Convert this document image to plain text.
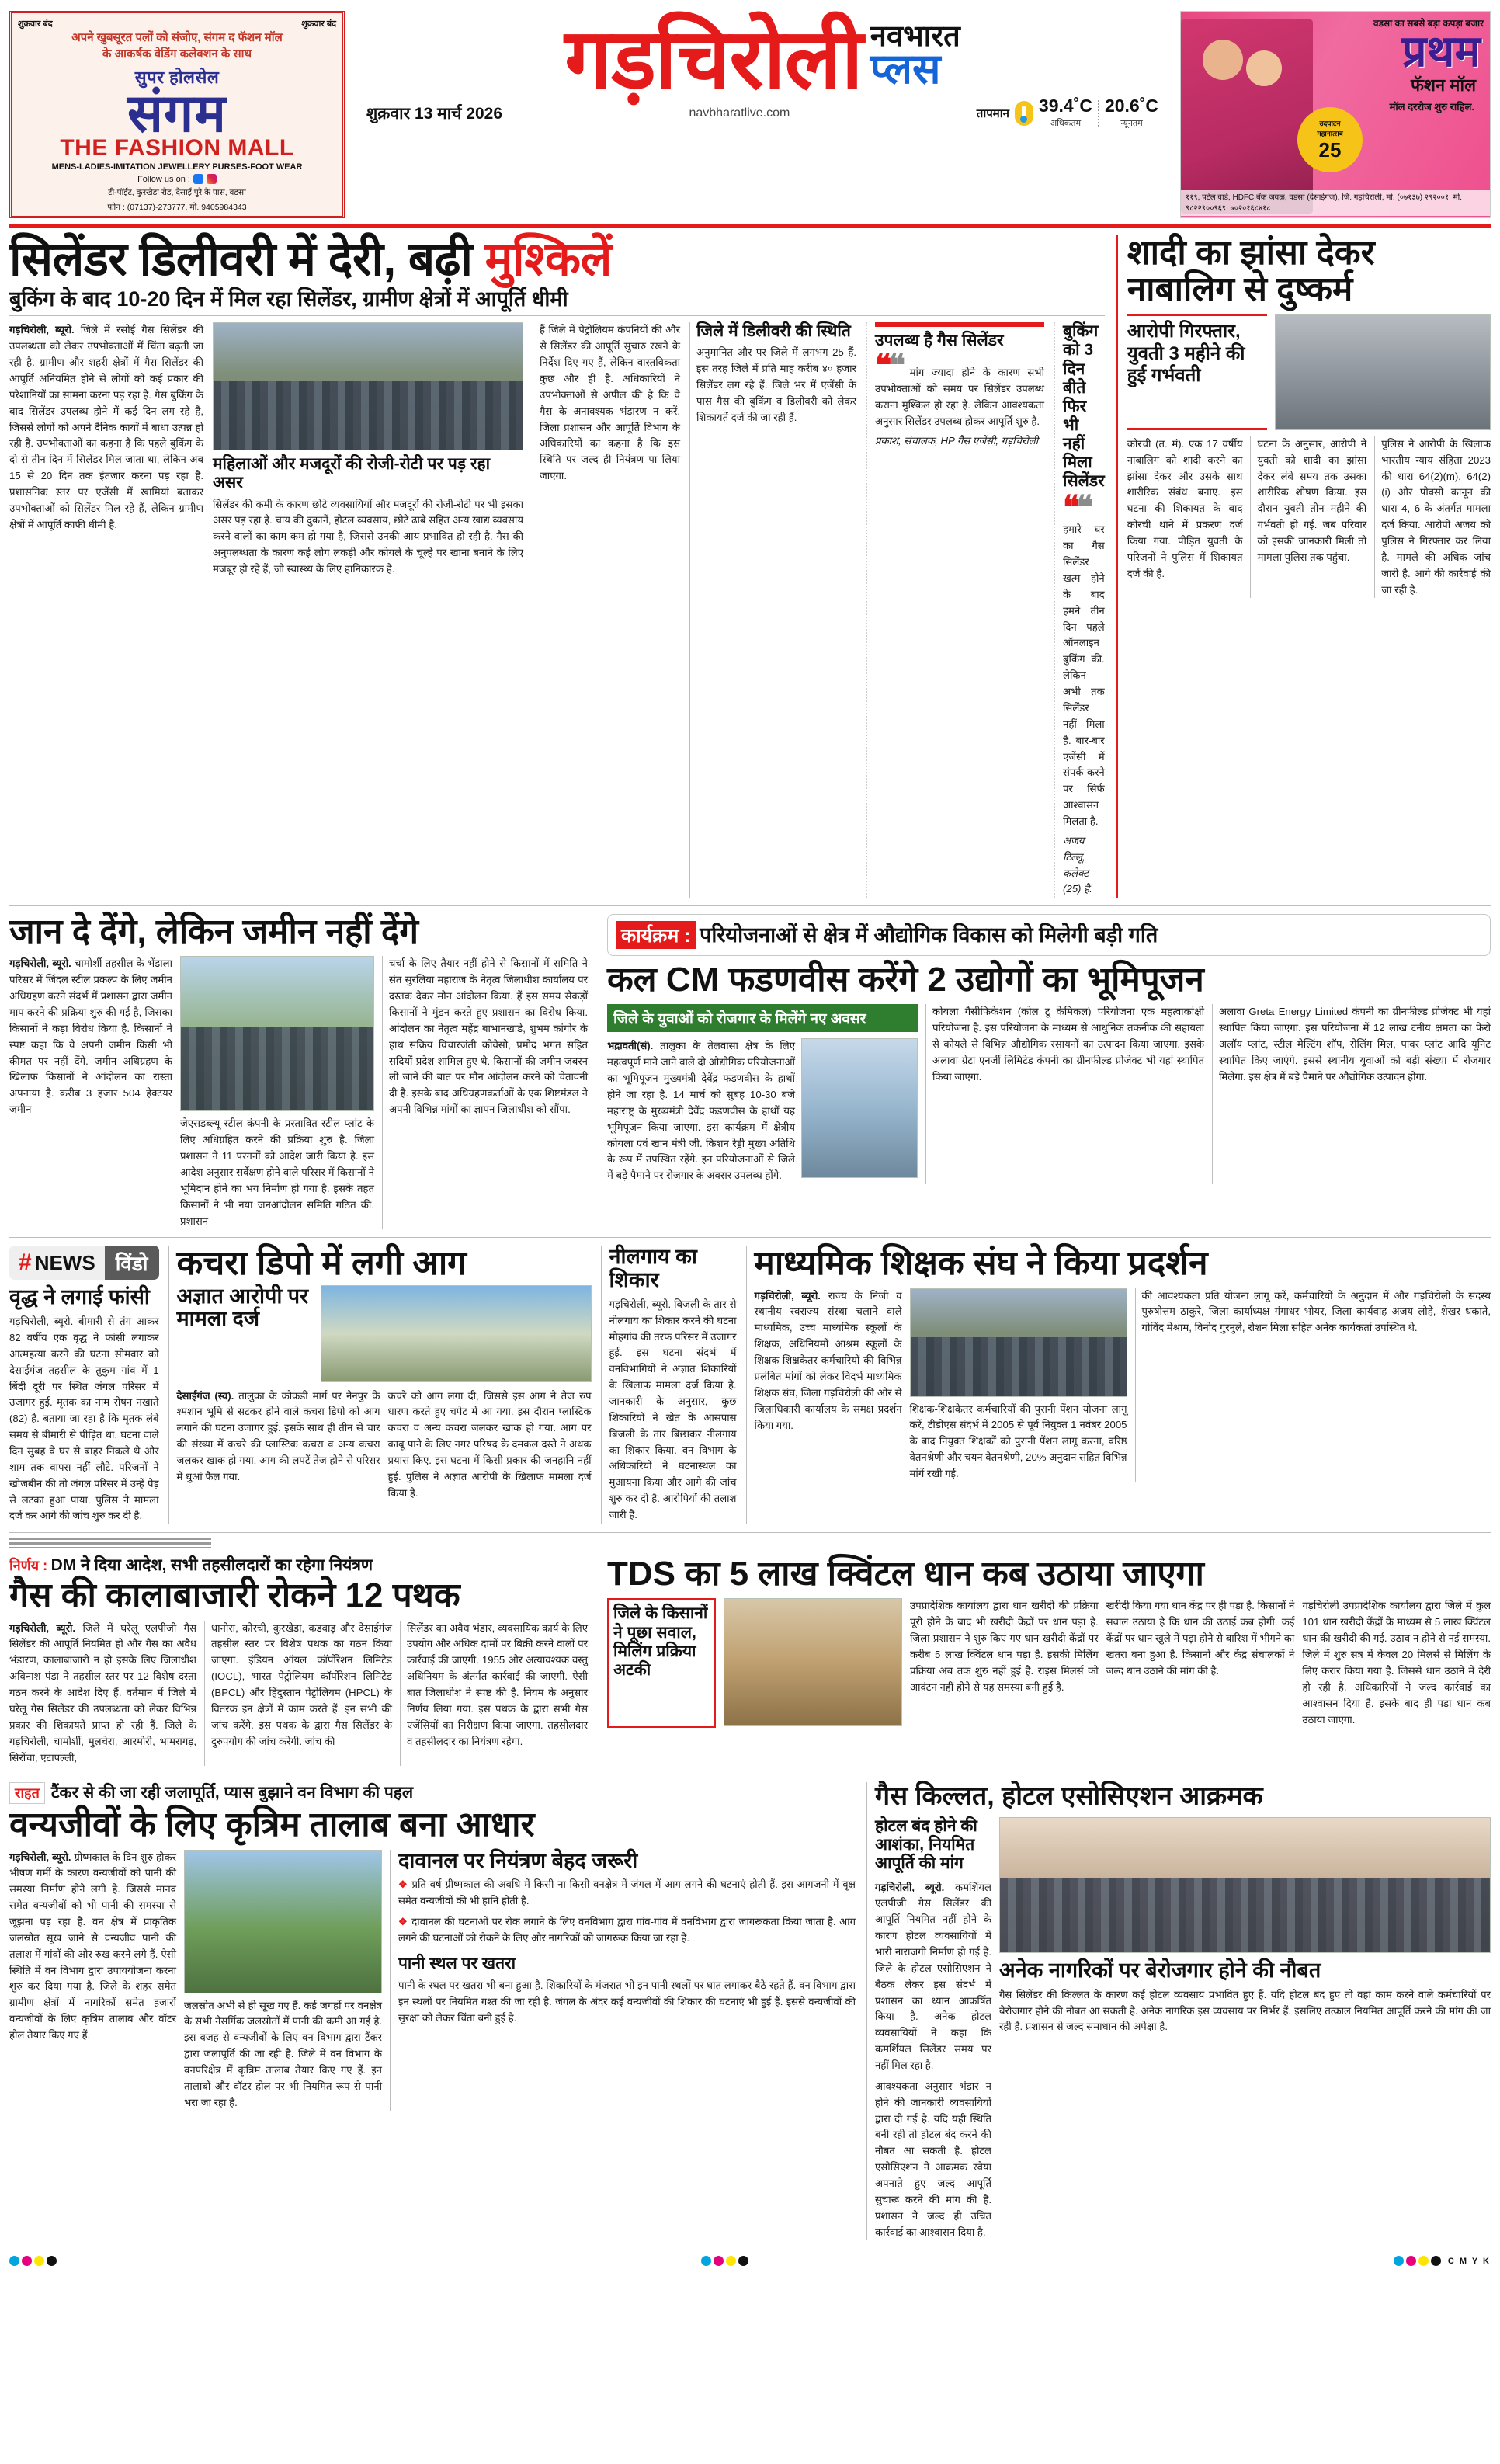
शुक्रवार बंद	शुक्रवार बंद
अपने खुबसूरत पलों को संजोए, संगम द फॅशन मॉल
के आकर्षक वेडिंग कलेक्शन के साथ
सुपर होलसेल
संगम
THE FASHION MALL
MENS-LADIES-IMITATION JEWELLERY PURSES-FOOT WEAR
Follow us on :
टी-पॉईंट, कुरखेडा रोड, देसाई पुरे के पास, वडसा
फोन : (07137)-273777, मो. 9405984343
गड़चिरोली नवभारत
प्लस
शुक्रवार 13 मार्च 2026	navbharatlive.com	तापमान 39.4˚C
अधिकतम
20.6˚C
न्यूनतम
वडसा का सबसे बड़ा कपड़ा बजार
प्रथम
फॅशन मॉल
उदघाटन
महानात्सव
25
मॉल दररोज शुरु राहिल.
११९, पटेल वार्ड, HDFC बँक जवळ, वडसा (देसाईगंज), जि. गड़चिरोली, मो. (०७१३७) २९२००१, मो. ९८२२९००९६९, ७०२०१६८४१८
सिलेंडर डिलीवरी में देरी, बढ़ी मुश्किलें
बुकिंग के बाद 10-20 दिन में मिल रहा सिलेंडर, ग्रामीण क्षेत्रों में आपूर्ति धीमी

गड़चिरोली, ब्यूरो. जिले में रसोई गैस सिलेंडर की उपलब्धता को लेकर उपभोक्ताओं में चिंता बढ़ती जा रही है. ग्रामीण और शहरी क्षेत्रों में गैस सिलेंडर की आपूर्ति अनियमित होने से लोगों को कई प्रकार की परेशानियों का सामना करना पड़ रहा है. गैस बुकिंग के बाद सिलेंडर उपलब्ध होने में कई दिन लग रहे हैं, जिससे लोगों को अपने दैनिक कार्यों में बाधा उत्पन्न हो रही है. उपभोक्ताओं का कहना है कि पहले बुकिंग के दो से तीन दिन में सिलेंडर मिल जाता था, लेकिन अब 15 से 20 दिन तक इंतजार करना पड़ रहा है. प्रशासनिक स्तर पर एजेंसी में खामियां बताकर उपभोक्ताओं को सिलेंडर मिल रहे हैं, लेकिन ग्रामीण क्षेत्रों में आपूर्ति काफी धीमी है.

महिलाओं और मजदूरों की रोजी-रोटी पर पड़ रहा असर

सिलेंडर की कमी के कारण छोटे व्यवसायियों और मजदूरों की रोजी-रोटी पर भी इसका असर पड़ रहा है. चाय की दुकानें, होटल व्यवसाय, छोटे ढाबे सहित अन्य खाद्य व्यवसाय करने वालों का काम कम हो गया है, जिससे उनकी आय प्रभावित हो रही है. गैस की अनुपलब्धता के कारण कई लोग लकड़ी और कोयले के चूल्हे पर खाना बनाने के लिए मजबूर हो रहे हैं, जो स्वास्थ्य के लिए हानिकारक है.

हैं जिले में पेट्रोलियम कंपनियों की और से सिलेंडर की आपूर्ति सुचारु रखने के निर्देश दिए गए हैं, लेकिन वास्तविकता कुछ और ही है. अधिकारियों ने उपभोक्ताओं से अपील की है कि वे गैस के अनावश्यक भंडारण न करें. जिला प्रशासन और आपूर्ति विभाग के अधिकारियों का कहना है कि इस स्थिति पर जल्द ही नियंत्रण पा लिया जाएगा.

जिले में डिलीवरी की स्थिति

अनुमानित और पर जिले में लगभग 25 हैं. इस तरह जिले में प्रति माह करीब ४० हजार सिलेंडर लग रहे हैं. जिले भर में एजेंसी के पास गैस की बुकिंग व डिलीवरी को लेकर शिकायतें दर्ज की जा रही हैं.

उपलब्ध है गैस सिलेंडर

❝❝ मांग ज्यादा होने के कारण सभी उपभोक्ताओं को समय पर सिलेंडर उपलब्ध कराना मुश्किल हो रहा है. लेकिन आवश्यकता अनुसार सिलेंडर उपलब्ध होकर आपूर्ति शुरु है.

प्रकाश, संचालक, HP गैस एजेंसी, गड़चिरोली
बुकिंग को 3 दिन बीते फिर भी नहीं मिला सिलेंडर

❝❝ हमारे घर का गैस सिलेंडर खत्म होने के बाद हमने तीन दिन पहले ऑनलाइन बुकिंग की. लेकिन अभी तक सिलेंडर नहीं मिला है. बार-बार एजेंसी में संपर्क करने पर सिर्फ आश्वासन मिलता है.

अजय टिल्लू, कलेक्ट (25) है.
शादी का झांसा देकर नाबालिग से दुष्कर्म
आरोपी गिरफ्तार, युवती 3 महीने की हुई गर्भवती

कोरची (त. मं). एक 17 वर्षीय नाबालिग को शादी करने का झांसा देकर और उसके साथ शारीरिक संबंध बनाए. इस घटना की शिकायत के बाद कोरची थाने में प्रकरण दर्ज किया गया. पीड़ित युवती के परिजनों ने पुलिस में शिकायत दर्ज की है.

घटना के अनुसार, आरोपी ने युवती को शादी का झांसा देकर लंबे समय तक उसका शारीरिक शोषण किया. इस दौरान युवती तीन महीने की गर्भवती हो गई. जब परिवार को इसकी जानकारी मिली तो मामला पुलिस तक पहुंचा.

पुलिस ने आरोपी के खिलाफ भारतीय न्याय संहिता 2023 की धारा 64(2)(m), 64(2)(i) और पोक्सो कानून की धारा 4, 6 के अंतर्गत मामला दर्ज किया. आरोपी अजय को पुलिस ने गिरफ्तार कर लिया है. मामले की अधिक जांच जारी है. आगे की कार्रवाई की जा रही है.

जान दे देंगे, लेकिन जमीन नहीं देंगे

गड़चिरोली, ब्यूरो. चामोर्शी तहसील के भेंडाला परिसर में जिंदल स्टील प्रकल्प के लिए जमीन अधिग्रहण करने संदर्भ में प्रशासन द्वारा जमीन माप करने की प्रक्रिया शुरु की गई है, जिसका किसानों ने कड़ा विरोध किया है. किसानों ने स्पष्ट कहा कि वे अपनी जमीन किसी भी कीमत पर नहीं देंगे. जमीन अधिग्रहण के खिलाफ किसानों ने आंदोलन का रास्ता अपनाया है. करीब 3 हजार 504 हेक्टयर जमीन

जेएसडब्ल्यू स्टील कंपनी के प्रस्तावित स्टील प्लांट के लिए अधिग्रहित करने की प्रक्रिया शुरु है. जिला प्रशासन ने 11 परगनों को आदेश जारी किया है. इस आदेश अनुसार सर्वेक्षण होने वाले परिसर में किसानों ने भूमिदान होने का भय निर्माण हो गया है. इसके तहत किसानों ने भी नया जनआंदोलन समिति गठित की. प्रशासन

चर्चा के लिए तैयार नहीं होने से किसानों में समिति ने संत सुरलिया महाराज के नेतृत्व जिलाधीश कार्यालय पर दस्तक देकर मौन आंदोलन किया. हैं इस समय सैकड़ों किसानों ने मुंडन करते हुए प्रशासन का विरोध किया. आंदोलन का नेतृत्व महेंद्र बाभानखाडे, शुभम कांगोर के हाथ सक्रिय विचारजंती कोवेसो, प्रमोद भगत सहित सदियों प्रदेश शामिल हुए थे. किसानों की जमीन जबरन ली जाने की बात पर मौन आंदोलन करने को चेतावनी दी है. इसके बाद अधिग्रहणकर्ताओं के एक शिष्टमंडल ने अपनी विभिन्न मांगों का ज्ञापन जिलाधीश को सौंपा.

कार्यक्रम : परियोजनाओं से क्षेत्र में औद्योगिक विकास को मिलेगी बड़ी गति
कल CM फडणवीस करेंगे 2 उद्योगों का भूमिपूजन
जिले के युवाओं को रोजगार के मिलेंगे नए अवसर

भद्रावती(सं). तालुका के तेलवासा क्षेत्र के लिए महत्वपूर्ण माने जाने वाले दो औद्योगिक परियोजनाओं का भूमिपूजन मुख्यमंत्री देवेंद्र फडणवीस के हाथों होने जा रहा है. 14 मार्च को सुबह 10-30 बजे महाराष्ट्र के मुख्यमंत्री देवेंद्र फडणवीस के हाथों यह भूमिपूजन किया जाएगा. इस कार्यक्रम में क्षेत्रीय कोयला एवं खान मंत्री जी. किशन रेड्डी मुख्य अतिथि के रूप में उपस्थित रहेंगे. इन परियोजनाओं से जिले में बड़े पैमाने पर रोजगार के अवसर उपलब्ध होंगे.

कोयला गैसीफिकेशन (कोल टू केमिकल) परियोजना एक महत्वाकांक्षी परियोजना है. इस परियोजना के माध्यम से आधुनिक तकनीक की सहायता से कोयले से विभिन्न औद्योगिक रसायनों का उत्पादन किया जाएगा. इसके अलावा ग्रेटा एनर्जी लिमिटेड कंपनी का ग्रीनफील्ड प्रोजेक्ट भी यहां स्थापित किया जाएगा.

अलावा Greta Energy Limited कंपनी का ग्रीनफील्ड प्रोजेक्ट भी यहां स्थापित किया जाएगा. इस परियोजना में 12 लाख टनीय क्षमता का फेरो अलॉय प्लांट, स्टील मेल्टिंग शॉप, रोलिंग मिल, पावर प्लांट आदि यूनिट स्थापित किए जाएंगे. इससे स्थानीय युवाओं को बड़ी संख्या में रोजगार मिलेगा. इस क्षेत्र में बड़े पैमाने पर औद्योगिक उत्पादन होगा.

# NEWS	विंडो
वृद्ध ने लगाई फांसी

गड़चिरोली, ब्यूरो. बीमारी से तंग आकर 82 वर्षीय एक वृद्ध ने फांसी लगाकर आत्महत्या करने की घटना सोमवार को देसाईगंज तहसील के तुकुम गांव में 1 बिंदी दूरी पर स्थित जंगल परिसर में उजागर हुई. मृतक का नाम रोषन नखाते (82) है. बताया जा रहा है कि मृतक लंबे समय से बीमारी से पीड़ित था. घटना वाले दिन सुबह वे घर से बाहर निकले थे और शाम तक वापस नहीं लौटे. परिजनों ने खोजबीन की तो जंगल परिसर में उन्हें पेड़ से लटका हुआ पाया. पुलिस ने मामला दर्ज कर आगे की जांच शुरु कर दी है.

कचरा डिपो में लगी आग
अज्ञात आरोपी पर मामला दर्ज

देसाईगंज (स्व). तालुका के कोकडी मार्ग पर नैनपुर के श्मशान भूमि से सटकर होने वाले कचरा डिपो को आग लगाने की घटना उजागर हुई. इसके साथ ही तीन से चार की संख्या में कचरे की प्लास्टिक कचरा व अन्य कचरा जलकर खाक हो गया. आग की लपटें तेज होने से परिसर में धुआं फैल गया.

कचरे को आग लगा दी, जिससे इस आग ने तेज रुप धारण करते हुए चपेट में आ गया. इस दौरान प्लास्टिक कचरा व अन्य कचरा जलकर खाक हो गया. आग पर काबू पाने के लिए नगर परिषद के दमकल दस्ते ने अथक प्रयास किए. इस घटना में किसी प्रकार की जनहानि नहीं हुई. पुलिस ने अज्ञात आरोपी के खिलाफ मामला दर्ज किया है.

नीलगाय का शिकार

गड़चिरोली, ब्यूरो. बिजली के तार से नीलगाय का शिकार करने की घटना मोहगांव की तरफ परिसर में उजागर हुई. इस घटना संदर्भ में वनविभागियों ने अज्ञात शिकारियों के खिलाफ मामला दर्ज किया है. जानकारी के अनुसार, कुछ शिकारियों ने खेत के आसपास बिजली के तार बिछाकर नीलगाय का शिकार किया. वन विभाग के अधिकारियों ने घटनास्थल का मुआयना किया और आगे की जांच शुरु कर दी है. आरोपियों की तलाश जारी है.

माध्यमिक शिक्षक संघ ने किया प्रदर्शन

गड़चिरोली, ब्यूरो. राज्य के निजी व स्थानीय स्वराज्य संस्था चलाने वाले माध्यमिक, उच्च माध्यमिक स्कूलों के शिक्षक, अधिनियमों आश्रम स्कूलों के शिक्षक-शिक्षकेतर कर्मचारियों की विभिन्न प्रलंबित मांगों को लेकर विदर्भ माध्यमिक शिक्षक संघ, जिला गड़चिरोली की ओर से जिलाधिकारी कार्यालय के समक्ष प्रदर्शन किया गया.

शिक्षक-शिक्षकेतर कर्मचारियों की पुरानी पेंशन योजना लागू करें, टीडीएस संदर्भ में 2005 से पूर्व नियुक्त 1 नवंबर 2005 के बाद नियुक्त शिक्षकों को पुरानी पेंशन लागू करना, वरिष्ठ वेतनश्रेणी और चयन वेतनश्रेणी, 20% अनुदान सहित विभिन्न मांगें रखी गई.

की आवश्यकता प्रति योजना लागू करें, कर्मचारियों के अनुदान में और गड़चिरोली के सदस्य पुरुषोत्तम ठाकुरे, जिला कार्याध्यक्ष गंगाधर भोयर, जिला कार्यवाह अजय लोहे, शेखर धकाते, गोविंद मेश्राम, विनोद गुरनुले, रोशन मिला सहित अनेक कार्यकर्ता उपस्थित थे.

निर्णय : DM ने दिया आदेश, सभी तहसीलदारों का रहेगा नियंत्रण
गैस की कालाबाजारी रोकने 12 पथक

गड़चिरोली, ब्यूरो. जिले में घरेलू एलपीजी गैस सिलेंडर की आपूर्ति नियमित हो और गैस का अवैध भंडारण, कालाबाजारी न हो इसके लिए जिलाधीश अविनाश पंडा ने तहसील स्तर पर 12 विशेष दस्ता गठन करने के आदेश दिए हैं. वर्तमान में जिले में घरेलू गैस सिलेंडर की उपलब्धता को लेकर विभिन्न प्रकार की शिकायतें प्राप्त हो रही हैं. जिले के गड़चिरोली, चामोर्शी, मुलचेरा, आरमोरी, भामरागड़, सिरोंचा, एटापल्ली,

धानोरा, कोरची, कुरखेडा, कडवाड़ और देसाईगंज तहसील स्तर पर विशेष पथक का गठन किया जाएगा. इंडियन ऑयल कॉर्पोरेशन लिमिटेड (IOCL), भारत पेट्रोलियम कॉर्पोरेशन लिमिटेड (BPCL) और हिंदुस्तान पेट्रोलियम (HPCL) के वितरक इन क्षेत्रों में काम करते हैं. इन सभी की जांच करेंगे. इस पथक के द्वारा गैस सिलेंडर के दुरुपयोग की जांच करेगी. जांच की

सिलेंडर का अवैध भंडार, व्यवसायिक कार्य के लिए उपयोग और अधिक दामों पर बिक्री करने वालों पर कार्रवाई की जाएगी. 1955 और अत्यावश्यक वस्तु अधिनियम के अंतर्गत कार्रवाई की जाएगी. ऐसी बात जिलाधीश ने स्पष्ट की है. नियम के अनुसार निर्णय लिया गया. इस पथक के द्वारा सभी गैस एजेंसियों का निरीक्षण किया जाएगा. तहसीलदार व तहसीलदार का नियंत्रण रहेगा.

TDS का 5 लाख क्विंटल धान कब उठाया जाएगा
जिले के किसानों ने पूछा सवाल, मिलिंग प्रक्रिया अटकी

उपप्रादेशिक कार्यालय द्वारा धान खरीदी की प्रक्रिया पूरी होने के बाद भी खरीदी केंद्रों पर धान पड़ा है. जिला प्रशासन ने शुरु किए गए धान खरीदी केंद्रों पर करीब 5 लाख क्विंटल धान पड़ा है. इसकी मिलिंग प्रक्रिया अब तक शुरु नहीं हुई है. राइस मिलर्स को आवंटन नहीं होने से यह समस्या बनी हुई है.

खरीदी किया गया धान केंद्र पर ही पड़ा है. किसानों ने सवाल उठाया है कि धान की उठाई कब होगी. कई केंद्रों पर धान खुले में पड़ा होने से बारिश में भीगने का खतरा बना हुआ है. किसानों और केंद्र संचालकों ने जल्द धान उठाने की मांग की है.

गड़चिरोली उपप्रादेशिक कार्यालय द्वारा जिले में कुल 101 धान खरीदी केंद्रों के माध्यम से 5 लाख क्विंटल धान की खरीदी की गई. उठाव न होने से नई समस्या. जिले में शुरु सत्र में केवल 20 मिलर्स से मिलिंग के लिए करार किया गया है. जिससे धान उठाने में देरी हो रही है. अधिकारियों ने जल्द कार्रवाई का आश्वासन दिया है. इसके बाद ही पड़ा धान कब उठाया जाएगा.

राहत टैंकर से की जा रही जलापूर्ति, प्यास बुझाने वन विभाग की पहल
वन्यजीवों के लिए कृत्रिम तालाब बना आधार

गड़चिरोली, ब्यूरो. ग्रीष्मकाल के दिन शुरु होकर भीषण गर्मी के कारण वन्यजीवों को पानी की समस्या निर्माण होने लगी है. जिससे मानव समेत वन्यजीवों को भी पानी की समस्या से जूझना पड़ रहा है. वन क्षेत्र में प्राकृतिक जलस्रोत सूख जाने से वन्यजीव पानी की तलाश में गांवों की ओर रुख करने लगे हैं. ऐसी स्थिति में वन विभाग द्वारा उपाययोजना करना शुरु कर दिया गया है. जिले के शहर समेत ग्रामीण क्षेत्रों में नागरिकों समेत हजारों वन्यजीवों के लिए कृत्रिम तालाब और वॉटर होल तैयार किए गए हैं.

जलस्रोत अभी से ही सूख गए हैं. कई जगहों पर वनक्षेत्र के सभी नैसर्गिक जलस्रोतों में पानी की कमी आ गई है. इस वजह से वन्यजीवों के लिए वन विभाग द्वारा टैंकर द्वारा जलापूर्ति की जा रही है. जिले में वन विभाग के वनपरिक्षेत्र में कृत्रिम तालाब तैयार किए गए हैं. इन तालाबों और वॉटर होल पर भी नियमित रूप से पानी भरा जा रहा है.

दावानल पर नियंत्रण बेहद जरूरी

❖ प्रति वर्ष ग्रीष्मकाल की अवधि में किसी ना किसी वनक्षेत्र में जंगल में आग लगने की घटनाएं होती हैं. इस आगजनी में वृक्ष समेत वन्यजीवों की भी हानि होती है.

❖ दावानल की घटनाओं पर रोक लगाने के लिए वनविभाग द्वारा गांव-गांव में वनविभाग द्वारा जागरूकता किया जाता है. आग लगने की घटनाओं को रोकने के लिए और नागरिकों को जागरूक किया जा रहा है.

पानी स्थल पर खतरा

पानी के स्थल पर खतरा भी बना हुआ है. शिकारियों के मंजरात भी इन पानी स्थलों पर घात लगाकर बैठे रहते हैं. वन विभाग द्वारा इन स्थलों पर नियमित गश्त की जा रही है. जंगल के अंदर कई वन्यजीवों की शिकार की घटनाएं भी हुई हैं. इससे वन्यजीवों की सुरक्षा को लेकर चिंता बनी हुई है.

गैस किल्लत, होटल एसोसिएशन आक्रमक
होटल बंद होने की आशंका, नियमित आपूर्ति की मांग

गड़चिरोली, ब्यूरो. कमर्शियल एलपीजी गैस सिलेंडर की आपूर्ति नियमित नहीं होने के कारण होटल व्यवसायियों में भारी नाराजगी निर्माण हो गई है. जिले के होटल एसोसिएशन ने बैठक लेकर इस संदर्भ में प्रशासन का ध्यान आकर्षित किया है. अनेक होटल व्यवसायियों ने कहा कि कमर्शियल सिलेंडर समय पर नहीं मिल रहा है.

आवश्यकता अनुसार भंडार न होने की जानकारी व्यवसायियों द्वारा दी गई है. यदि यही स्थिति बनी रही तो होटल बंद करने की नौबत आ सकती है. होटल एसोसिएशन ने आक्रमक रवैया अपनाते हुए जल्द आपूर्ति सुचारू करने की मांग की है. प्रशासन ने जल्द ही उचित कार्रवाई का आश्वासन दिया है.

अनेक नागरिकों पर बेरोजगार होने की नौबत

गैस सिलेंडर की किल्लत के कारण कई होटल व्यवसाय प्रभावित हुए हैं. यदि होटल बंद हुए तो वहां काम करने वाले कर्मचारियों पर बेरोजगार होने की नौबत आ सकती है. अनेक नागरिक इस व्यवसाय पर निर्भर हैं. इसलिए तत्काल नियमित आपूर्ति करने की मांग की जा रही है. प्रशासन से जल्द समाधान की अपेक्षा है.

C M Y K
